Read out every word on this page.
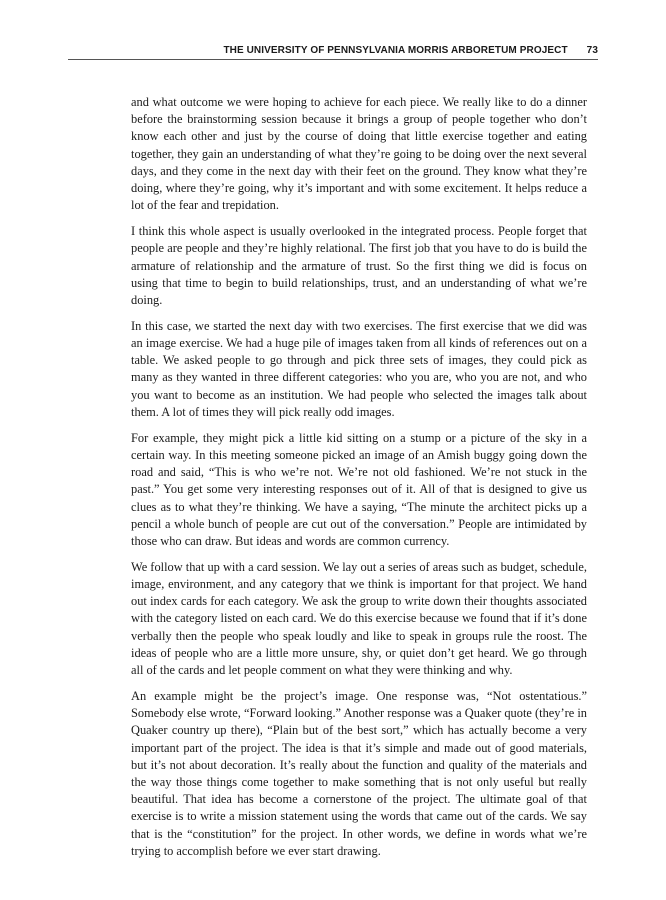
THE UNIVERSITY OF PENNSYLVANIA MORRIS ARBORETUM PROJECT 73

and what outcome we were hoping to achieve for each piece. We really like to do a dinner before the brainstorming session because it brings a group of people together who don’t know each other and just by the course of doing that little exercise together and eating together, they gain an understanding of what they’re going to be doing over the next several days, and they come in the next day with their feet on the ground. They know what they’re doing, where they’re going, why it’s important and with some excitement. It helps reduce a lot of the fear and trepidation.

I think this whole aspect is usually overlooked in the integrated process. People forget that people are people and they’re highly relational. The first job that you have to do is build the armature of relationship and the armature of trust. So the first thing we did is focus on using that time to begin to build relationships, trust, and an understanding of what we’re doing.

In this case, we started the next day with two exercises. The first exercise that we did was an image exercise. We had a huge pile of images taken from all kinds of references out on a table. We asked people to go through and pick three sets of images, they could pick as many as they wanted in three different categories: who you are, who you are not, and who you want to become as an institution. We had people who selected the images talk about them. A lot of times they will pick really odd images.

For example, they might pick a little kid sitting on a stump or a picture of the sky in a certain way. In this meeting someone picked an image of an Amish buggy going down the road and said, “This is who we’re not. We’re not old fashioned. We’re not stuck in the past.” You get some very interesting responses out of it. All of that is designed to give us clues as to what they’re thinking. We have a saying, “The minute the architect picks up a pencil a whole bunch of people are cut out of the conversation.” People are intimidated by those who can draw. But ideas and words are common currency.

We follow that up with a card session. We lay out a series of areas such as budget, schedule, image, environment, and any category that we think is important for that project. We hand out index cards for each category. We ask the group to write down their thoughts associated with the category listed on each card. We do this exercise because we found that if it’s done verbally then the people who speak loudly and like to speak in groups rule the roost. The ideas of people who are a little more unsure, shy, or quiet don’t get heard. We go through all of the cards and let people comment on what they were thinking and why.

An example might be the project’s image. One response was, “Not ostentatious.” Somebody else wrote, “Forward looking.” Another response was a Quaker quote (they’re in Quaker country up there), “Plain but of the best sort,” which has actually become a very important part of the project. The idea is that it’s simple and made out of good materials, but it’s not about decoration. It’s really about the function and quality of the materials and the way those things come together to make something that is not only useful but really beautiful. That idea has become a cornerstone of the project. The ultimate goal of that exercise is to write a mission statement using the words that came out of the cards. We say that is the “constitution” for the project. In other words, we define in words what we’re trying to accomplish before we ever start drawing.
